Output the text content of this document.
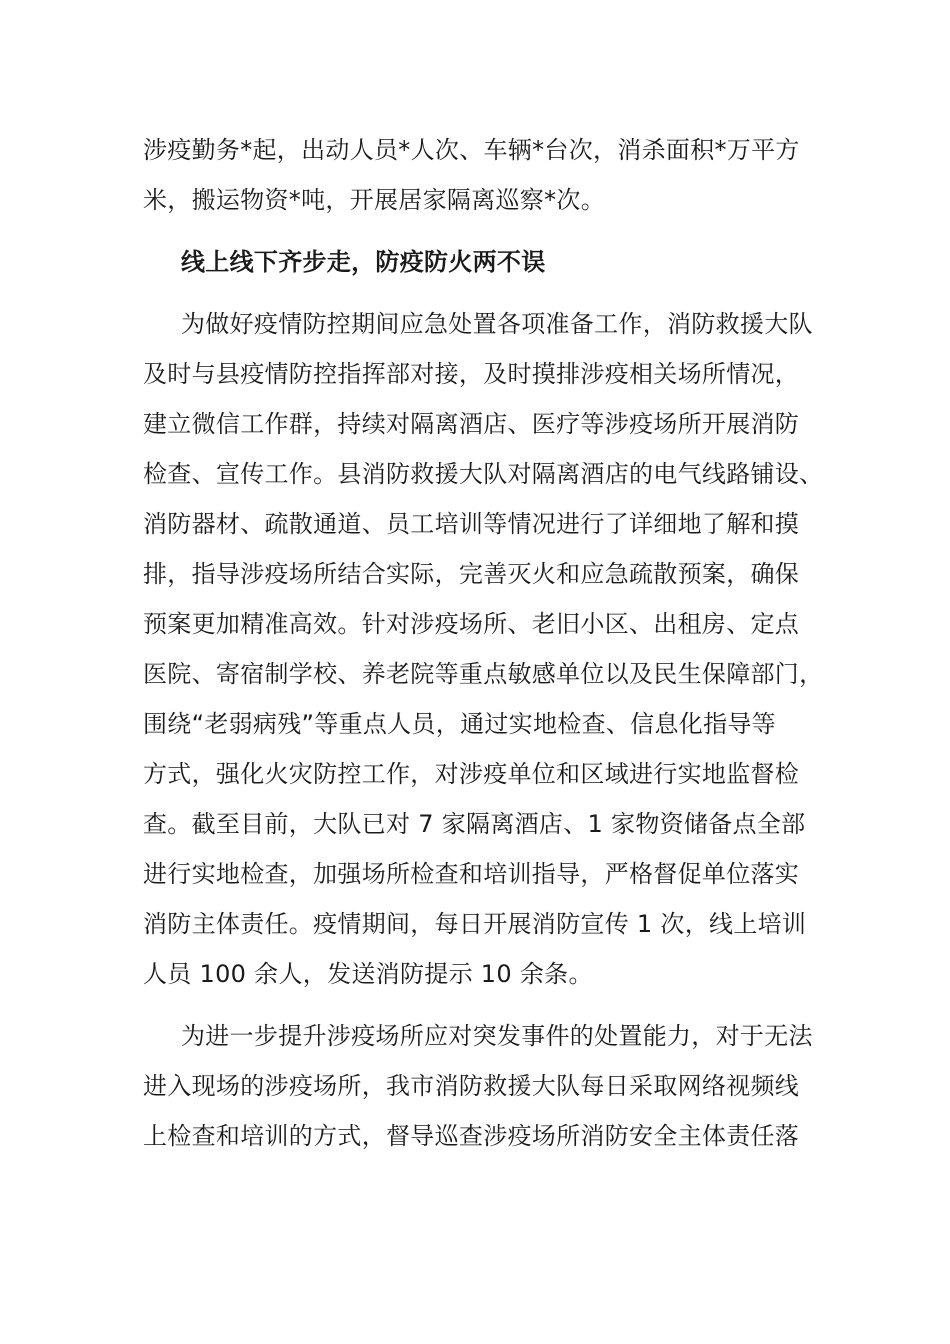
涉疫勤务*起，出动人员*人次、车辆*台次，消杀面积*万平方

米，搬运物资*吨，开展居家隔离巡察*次。

线上线下齐步走，防疫防火两不误

为做好疫情防控期间应急处置各项准备工作，消防救援大队

及时与县疫情防控指挥部对接，及时摸排涉疫相关场所情况，

建立微信工作群，持续对隔离酒店、医疗等涉疫场所开展消防

检查、宣传工作。县消防救援大队对隔离酒店的电气线路铺设、

消防器材、疏散通道、员工培训等情况进行了详细地了解和摸

排，指导涉疫场所结合实际，完善灭火和应急疏散预案，确保

预案更加精准高效。针对涉疫场所、老旧小区、出租房、定点

医院、寄宿制学校、养老院等重点敏感单位以及民生保障部门，

围绕“老弱病残”等重点人员，通过实地检查、信息化指导等

方式，强化火灾防控工作，对涉疫单位和区域进行实地监督检

查。截至目前，大队已对 7 家隔离酒店、1 家物资储备点全部

进行实地检查，加强场所检查和培训指导，严格督促单位落实

消防主体责任。疫情期间，每日开展消防宣传 1 次，线上培训

人员 100 余人，发送消防提示 10 余条。

为进一步提升涉疫场所应对突发事件的处置能力，对于无法

进入现场的涉疫场所，我市消防救援大队每日采取网络视频线

上检查和培训的方式，督导巡查涉疫场所消防安全主体责任落
